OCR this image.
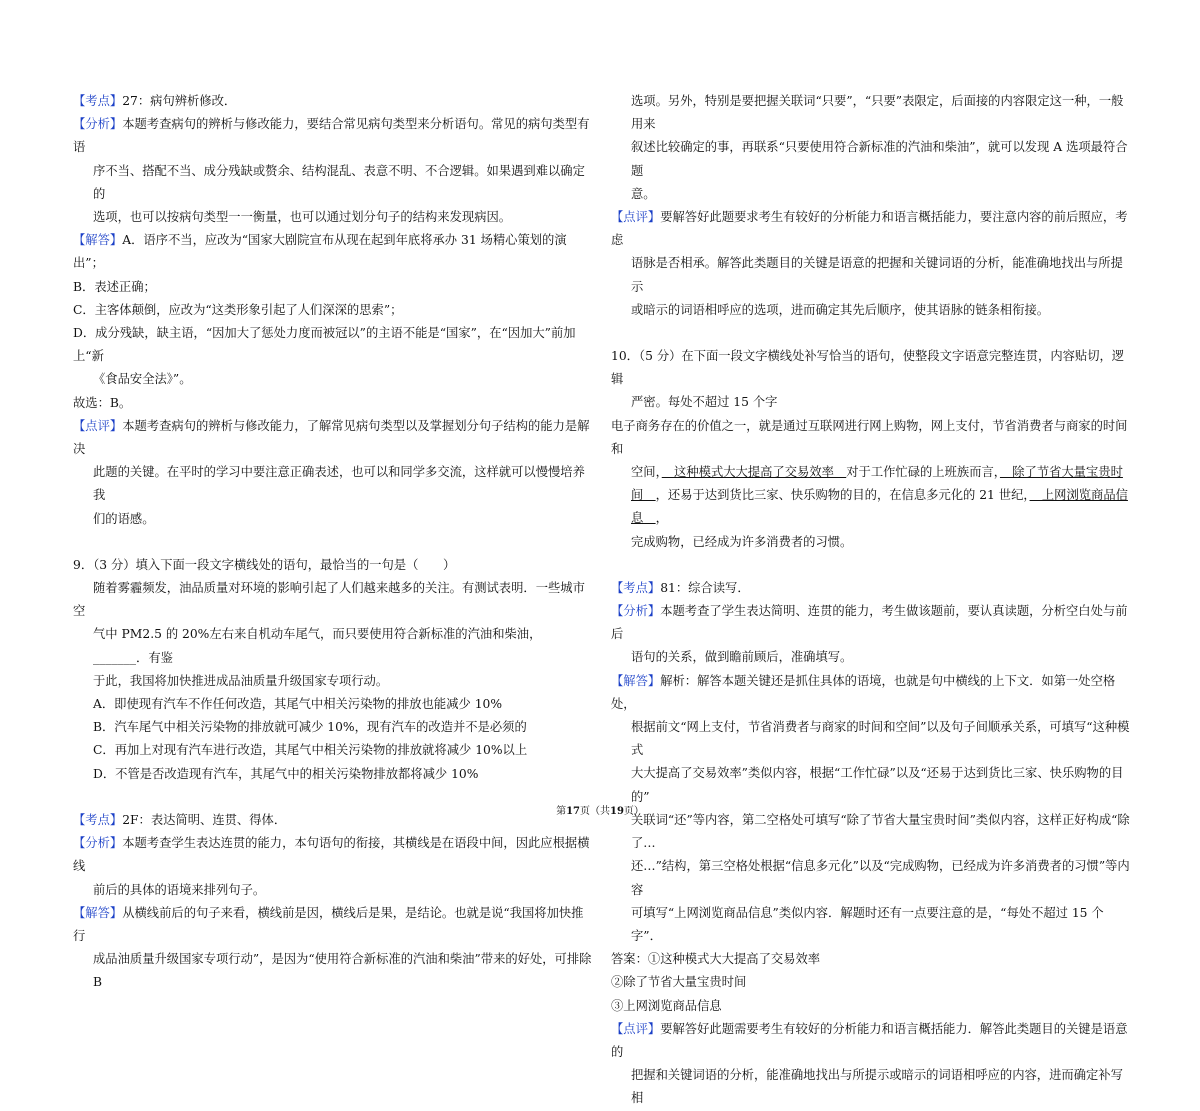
【考点】27：病句辨析修改．

【分析】本题考查病句的辨析与修改能力，要结合常见病句类型来分析语句。常见的病句类型有语

序不当、搭配不当、成分残缺或赘余、结构混乱、表意不明、不合逻辑。如果遇到难以确定的

选项，也可以按病句类型一一衡量，也可以通过划分句子的结构来发现病因。

【解答】A．语序不当，应改为“国家大剧院宣布从现在起到年底将承办 31 场精心策划的演出”；

B．表述正确；

C．主客体颠倒，应改为“这类形象引起了人们深深的思索”；

D．成分残缺，缺主语，“因加大了惩处力度而被冠以”的主语不能是“国家”，在“因加大”前加上“新

《食品安全法》”。

故选：B。

【点评】本题考查病句的辨析与修改能力，了解常见病句类型以及掌握划分句子结构的能力是解决

此题的关键。在平时的学习中要注意正确表述，也可以和同学多交流，这样就可以慢慢培养我

们的语感。

9．（3 分）填入下面一段文字横线处的语句，最恰当的一句是（　　）

随着雾霾频发，油品质量对环境的影响引起了人们越来越多的关注。有测试表明．一些城市空

气中 PM2.5 的 20%左右来自机动车尾气，而只要使用符合新标准的汽油和柴油，_______．有鉴

于此，我国将加快推进成品油质量升级国家专项行动。

A．即使现有汽车不作任何改造，其尾气中相关污染物的排放也能减少 10%

B．汽车尾气中相关污染物的排放就可减少 10%，现有汽车的改造并不是必须的

C．再加上对现有汽车进行改造，其尾气中相关污染物的排放就将减少 10%以上

D．不管是否改造现有汽车，其尾气中的相关污染物排放都将减少 10%

【考点】2F：表达简明、连贯、得体．

【分析】本题考查学生表达连贯的能力，本句语句的衔接，其横线是在语段中间，因此应根据横线

前后的具体的语境来排列句子。

【解答】从横线前后的句子来看，横线前是因，横线后是果，是结论。也就是说“我国将加快推行

成品油质量升级国家专项行动”，是因为“使用符合新标准的汽油和柴油”带来的好处，可排除 B

选项。另外，特别是要把握关联词“只要”，“只要”表限定，后面接的内容限定这一种，一般用来

叙述比较确定的事，再联系“只要使用符合新标准的汽油和柴油”，就可以发现 A 选项最符合题

意。

【点评】要解答好此题要求考生有较好的分析能力和语言概括能力，要注意内容的前后照应，考虑

语脉是否相承。解答此类题目的关键是语意的把握和关键词语的分析，能准确地找出与所提示

或暗示的词语相呼应的选项，进而确定其先后顺序，使其语脉的链条相衔接。

10．（5 分）在下面一段文字横线处补写恰当的语句，使整段文字语意完整连贯，内容贴切，逻辑

严密。每处不超过 15 个字

电子商务存在的价值之一，就是通过互联网进行网上购物，网上支付，节省消费者与商家的时间和

空间，　这种模式大大提高了交易效率　对于工作忙碌的上班族而言，　除了节省大量宝贵时

间　，还易于达到货比三家、快乐购物的目的，在信息多元化的 21 世纪，　上网浏览商品信息　，

完成购物，已经成为许多消费者的习惯。

【考点】81：综合读写．

【分析】本题考查了学生表达简明、连贯的能力，考生做该题前，要认真读题，分析空白处与前后

语句的关系，做到瞻前顾后，准确填写。

【解答】解析：解答本题关键还是抓住具体的语境，也就是句中横线的上下文．如第一处空格处，

根据前文“网上支付，节省消费者与商家的时间和空间”以及句子间顺承关系，可填写“这种模式

大大提高了交易效率”类似内容，根据“工作忙碌”以及“还易于达到货比三家、快乐购物的目的”

关联词“还”等内容，第二空格处可填写“除了节省大量宝贵时间”类似内容，这样正好构成“除了…

还…”结构，第三空格处根据“信息多元化”以及“完成购物，已经成为许多消费者的习惯”等内容

可填写“上网浏览商品信息”类似内容．解题时还有一点要注意的是，“每处不超过 15 个字”．

答案：①这种模式大大提高了交易效率

②除了节省大量宝贵时间

③上网浏览商品信息

【点评】要解答好此题需要考生有较好的分析能力和语言概括能力．解答此类题目的关键是语意的

把握和关键词语的分析，能准确地找出与所提示或暗示的词语相呼应的内容，进而确定补写相

第17页（共19页）
